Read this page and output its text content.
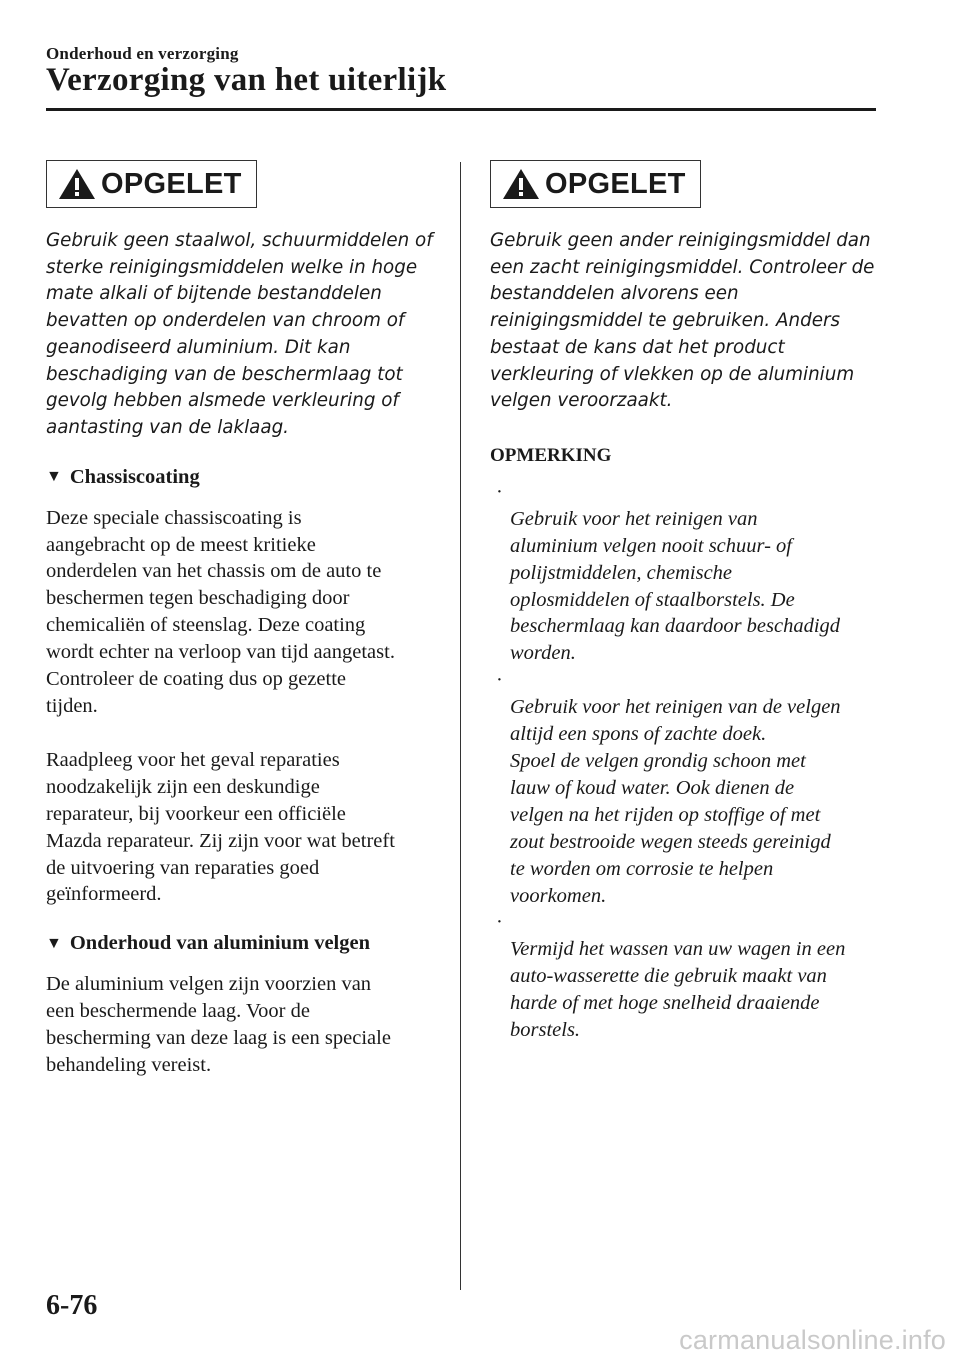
Onderhoud en verzorging
Verzorging van het uiterlijk
OPGELET
Gebruik geen staalwol, schuurmiddelen of
sterke reinigingsmiddelen welke in hoge
mate alkali of bijtende bestanddelen
bevatten op onderdelen van chroom of
geanodiseerd aluminium. Dit kan
beschadiging van de beschermlaag tot
gevolg hebben alsmede verkleuring of
aantasting van de laklaag.
▼ Chassiscoating
Deze speciale chassiscoating is
aangebracht op de meest kritieke
onderdelen van het chassis om de auto te
beschermen tegen beschadiging door
chemicaliën of steenslag. Deze coating
wordt echter na verloop van tijd aangetast.
Controleer de coating dus op gezette
tijden.
Raadpleeg voor het geval reparaties
noodzakelijk zijn een deskundige
reparateur, bij voorkeur een officiële
Mazda reparateur. Zij zijn voor wat betreft
de uitvoering van reparaties goed
geïnformeerd.
▼ Onderhoud van aluminium velgen
De aluminium velgen zijn voorzien van
een beschermende laag. Voor de
bescherming van deze laag is een speciale
behandeling vereist.
OPGELET
Gebruik geen ander reinigingsmiddel dan
een zacht reinigingsmiddel. Controleer de
bestanddelen alvorens een
reinigingsmiddel te gebruiken. Anders
bestaat de kans dat het product
verkleuring of vlekken op de aluminium
velgen veroorzaakt.
OPMERKING

·
Gebruik voor het reinigen van
aluminium velgen nooit schuur- of
polijstmiddelen, chemische
oplosmiddelen of staalborstels. De
beschermlaag kan daardoor beschadigd
worden.

·
Gebruik voor het reinigen van de velgen
altijd een spons of zachte doek.
Spoel de velgen grondig schoon met
lauw of koud water. Ook dienen de
velgen na het rijden op stoffige of met
zout bestrooide wegen steeds gereinigd
te worden om corrosie te helpen
voorkomen.

·
Vermijd het wassen van uw wagen in een
auto-wasserette die gebruik maakt van
harde of met hoge snelheid draaiende
borstels.

6-76
carmanualsonline.info
